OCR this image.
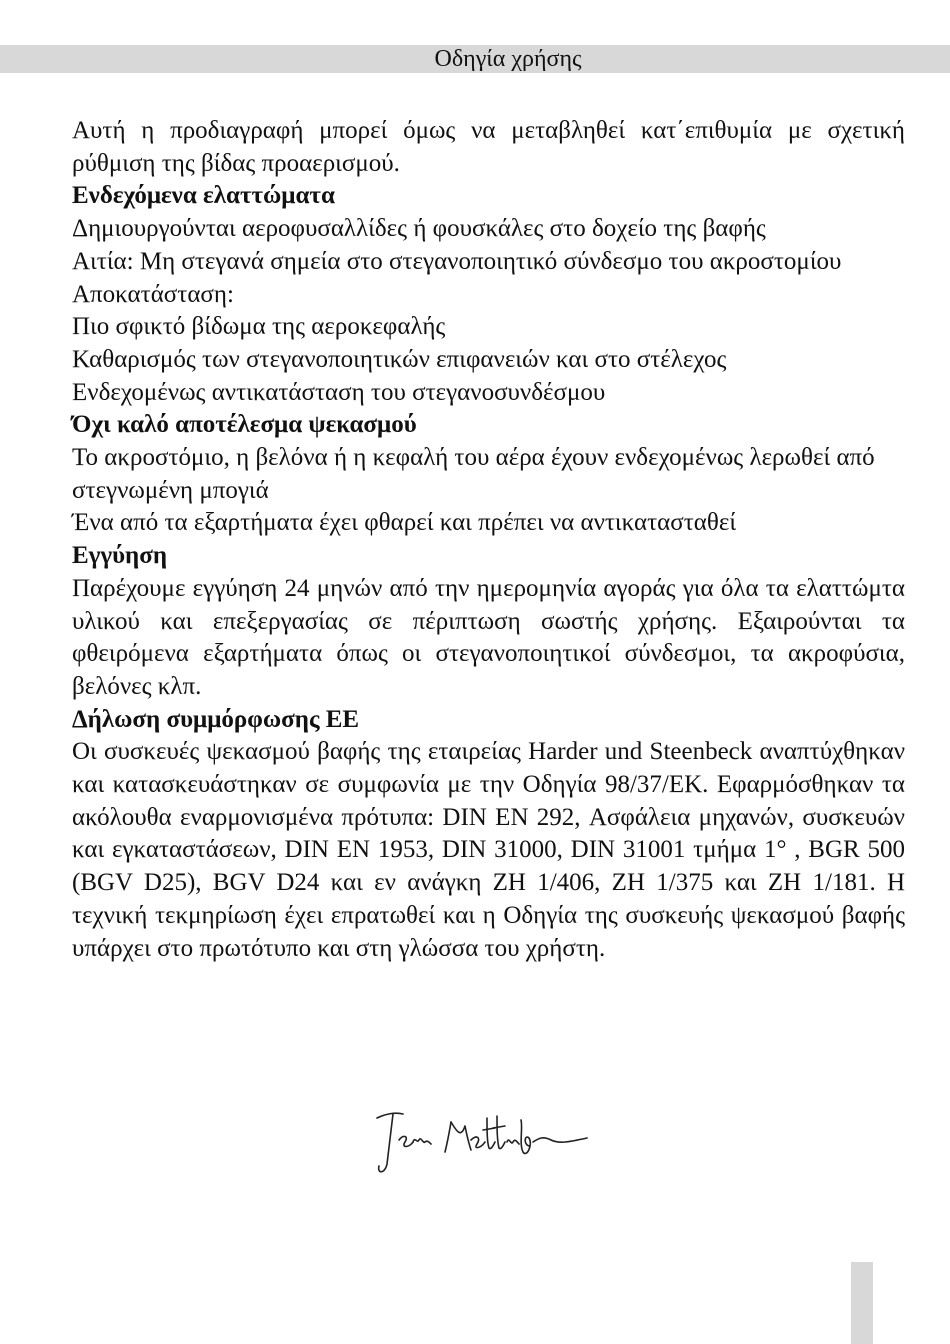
Οδηγία χρήσης

Αυτή η προδιαγραφή μπορεί όμως να μεταβληθεί κατ΄επιθυμία με σχετική ρύθμιση της βίδας προαερισμού.

Ενδεχόμενα ελαττώματα

Δημιουργούνται αεροφυσαλλίδες ή φουσκάλες στο δοχείο της βαφής

Αιτία: Μη στεγανά σημεία στο στεγανοποιητικό σύνδεσμο του ακροστομίου

Αποκατάσταση:

Πιο σφικτό βίδωμα της αεροκεφαλής

Καθαρισμός των στεγανοποιητικών επιφανειών και στο στέλεχος

Ενδεχομένως αντικατάσταση του στεγανοσυνδέσμου

Όχι καλό αποτέλεσμα ψεκασμού

Το ακροστόμιο, η βελόνα ή η κεφαλή του αέρα έχουν ενδεχομένως λερωθεί από

στεγνωμένη μπογιά

Ένα από τα εξαρτήματα έχει φθαρεί και πρέπει να αντικατασταθεί

Εγγύηση

Παρέχουμε εγγύηση 24 μηνών από την ημερομηνία αγοράς για όλα τα ελαττώμτα υλικού και επεξεργασίας σε πέριπτωση σωστής χρήσης. Εξαιρούνται τα φθειρόμενα εξαρτήματα όπως οι στεγανοποιητικοί σύνδεσμοι, τα ακροφύσια, βελόνες κλπ.

Δήλωση συμμόρφωσης ΕΕ

Οι συσκευές ψεκασμού βαφής της εταιρείας Harder und Steenbeck αναπτύχθηκαν και κατασκευάστηκαν σε συμφωνία με την Οδηγία 98/37/ΕΚ. Εφαρμόσθηκαν τα ακόλουθα εναρμονισμένα πρότυπα: DIN EN 292, Ασφάλεια μηχανών, συσκευών και εγκαταστάσεων, DIN EN 1953, DIN 31000, DIN 31001 τμήμα 1° , BGR 500 (BGV D25), BGV D24 και εν ανάγκη ZH 1/406, ZH 1/375 και ZH 1/181. Η τεχνική τεκμηρίωση έχει επρατωθεί και η Οδηγία της συσκευής ψεκασμού βαφής υπάρχει στο πρωτότυπο και στη γλώσσα του χρήστη.
